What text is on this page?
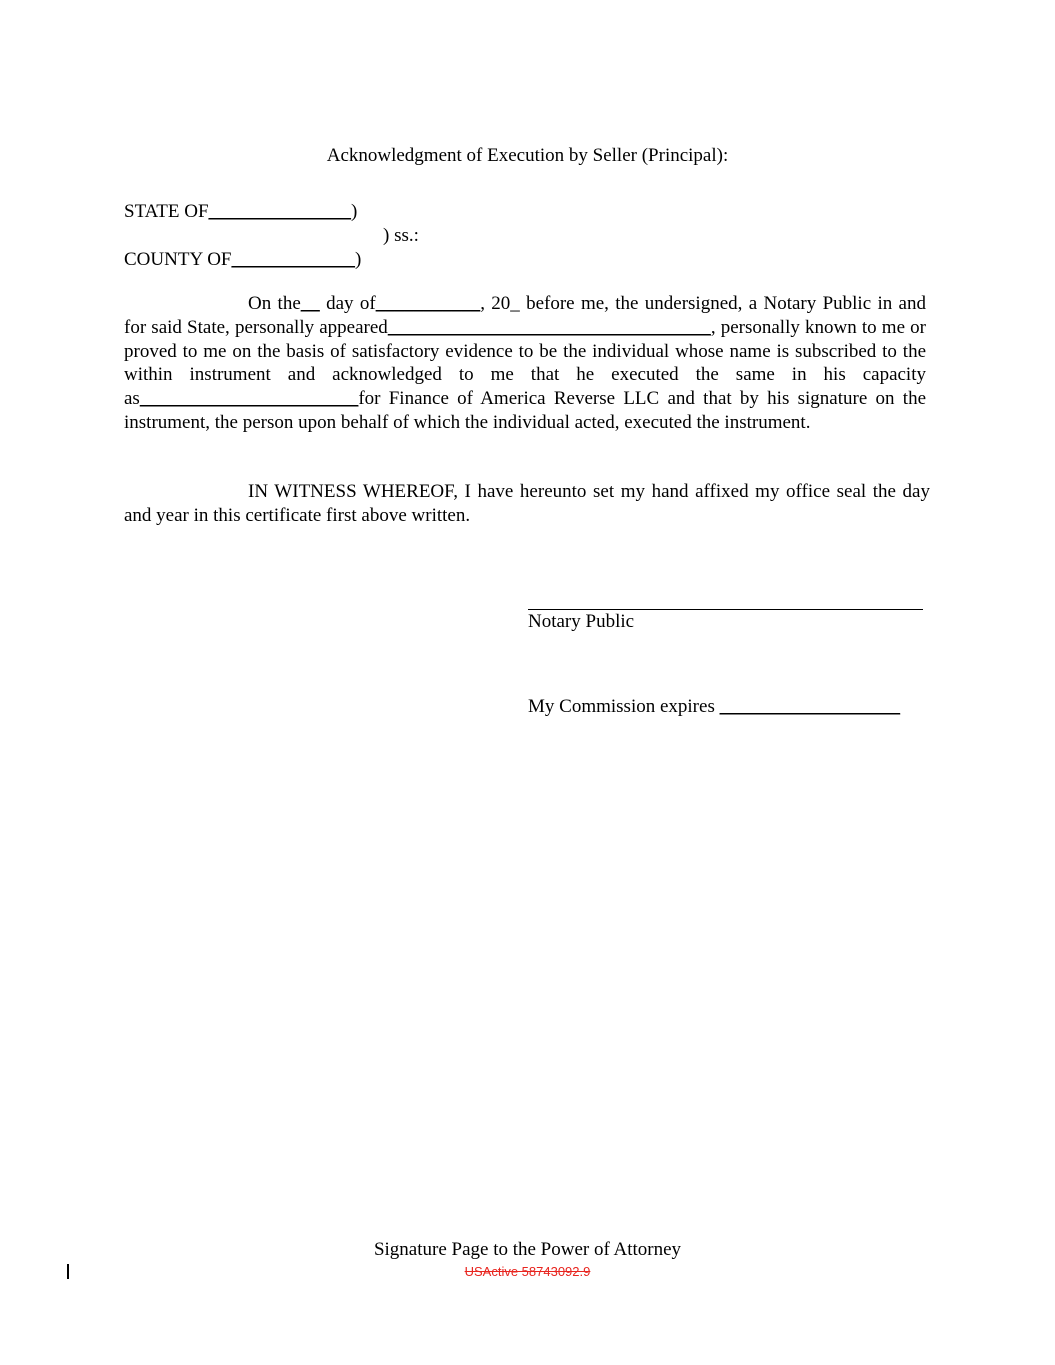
Acknowledgment of Execution by Seller (Principal):
STATE OF_______________)
) ss.:
COUNTY OF_____________)
On the__ day of___________, 20_ before me, the undersigned, a Notary Public in and for said State, personally appeared__________________________________, personally known to me or proved to me on the basis of satisfactory evidence to be the individual whose name is subscribed to the within instrument and acknowledged to me that he executed the same in his capacity as_______________________for Finance of America Reverse LLC and that by his signature on the instrument, the person upon behalf of which the individual acted, executed the instrument.
IN WITNESS WHEREOF, I have hereunto set my hand affixed my office seal the day and year in this certificate first above written.
Notary Public
My Commission expires ___________________
Signature Page to the Power of Attorney
USActive 58743092.9
